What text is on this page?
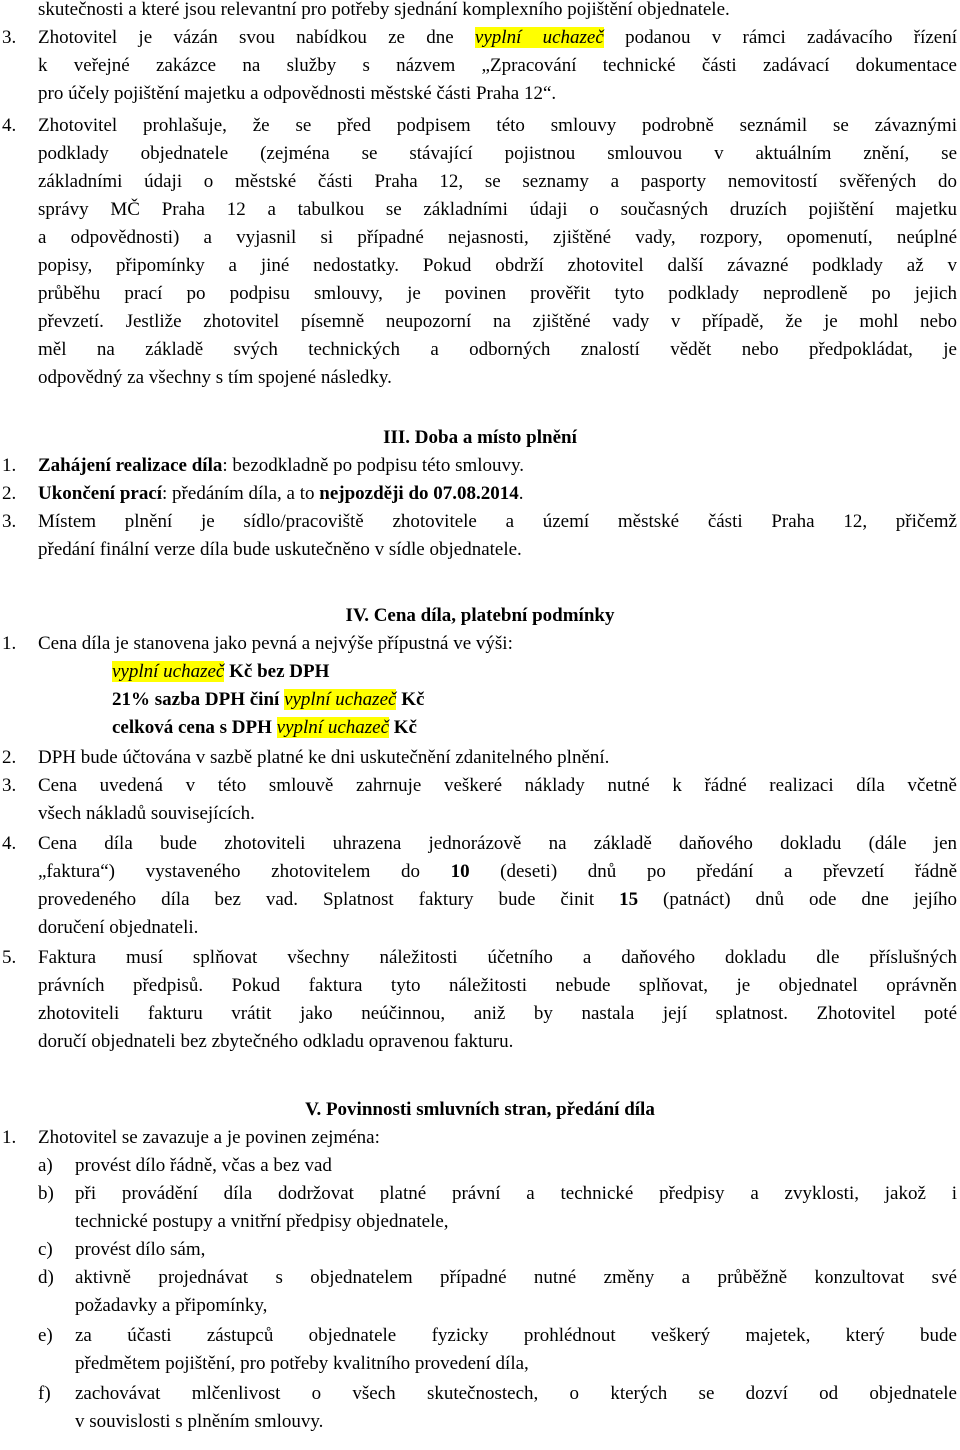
skutečnosti a které jsou relevantní pro potřeby sjednání komplexního pojištění objednatele.
3. Zhotovitel je vázán svou nabídkou ze dne vyplní uchazeč podanou v rámci zadávacího řízení
k veřejné zakázce na služby s názvem „Zpracování technické části zadávací dokumentace
pro účely pojištění majetku a odpovědnosti městské části Praha 12“.
4. Zhotovitel prohlašuje, že se před podpisem této smlouvy podrobně seznámil se závaznými
podklady objednatele (zejména se stávající pojistnou smlouvou v aktuálním znění, se
základními údaji o městské části Praha 12, se seznamy a pasporty nemovitostí svěřených do
správy MČ Praha 12 a tabulkou se základními údaji o současných druzích pojištění majetku
a odpovědnosti) a vyjasnil si případné nejasnosti, zjištěné vady, rozpory, opomenutí, neúplné
popisy, připomínky a jiné nedostatky. Pokud obdrží zhotovitel další závazné podklady až v
průběhu prací po podpisu smlouvy, je povinen prověřit tyto podklady neprodleně po jejich
převzetí. Jestliže zhotovitel písemně neupozorní na zjištěné vady v případě, že je mohl nebo
měl na základě svých technických a odborných znalostí vědět nebo předpokládat, je
odpovědný za všechny s tím spojené následky.
III. Doba a místo plnění
1. Zahájení realizace díla: bezodkladně po podpisu této smlouvy.
2. Ukončení prací: předáním díla, a to nejpozději do 07.08.2014.
3. Místem plnění je sídlo/pracoviště zhotovitele a území městské části Praha 12, přičemž
předání finální verze díla bude uskutečněno v sídle objednatele.
IV. Cena díla, platební podmínky
1. Cena díla je stanovena jako pevná a nejvýše přípustná ve výši:
vyplní uchazeč Kč bez DPH
21% sazba DPH činí vyplní uchazeč Kč
celková cena s DPH vyplní uchazeč Kč
2. DPH bude účtována v sazbě platné ke dni uskutečnění zdanitelného plnění.
3. Cena uvedená v této smlouvě zahrnuje veškeré náklady nutné k řádné realizaci díla včetně
všech nákladů souvisejících.
4. Cena díla bude zhotoviteli uhrazena jednorázově na základě daňového dokladu (dále jen
„faktura“) vystaveného zhotovitelem do 10 (deseti) dnů po předání a převzetí řádně
provedeného díla bez vad. Splatnost faktury bude činit 15 (patnáct) dnů ode dne jejího
doručení objednateli.
5. Faktura musí splňovat všechny náležitosti účetního a daňového dokladu dle příslušných
právních předpisů. Pokud faktura tyto náležitosti nebude splňovat, je objednatel oprávněn
zhotoviteli fakturu vrátit jako neúčinnou, aniž by nastala její splatnost. Zhotovitel poté
doručí objednateli bez zbytečného odkladu opravenou fakturu.
V. Povinnosti smluvních stran, předání díla
1. Zhotovitel se zavazuje a je povinen zejména:
a) provést dílo řádně, včas a bez vad
b) při provádění díla dodržovat platné právní a technické předpisy a zvyklosti, jakož i
technické postupy a vnitřní předpisy objednatele,
c) provést dílo sám,
d) aktivně projednávat s objednatelem případné nutné změny a průběžně konzultovat své
požadavky a připomínky,
e) za účasti zástupců objednatele fyzicky prohlédnout veškerý majetek, který bude
předmětem pojištění, pro potřeby kvalitního provedení díla,
f) zachovávat mlčenlivost o všech skutečnostech, o kterých se dozví od objednatele
v souvislosti s plněním smlouvy.
